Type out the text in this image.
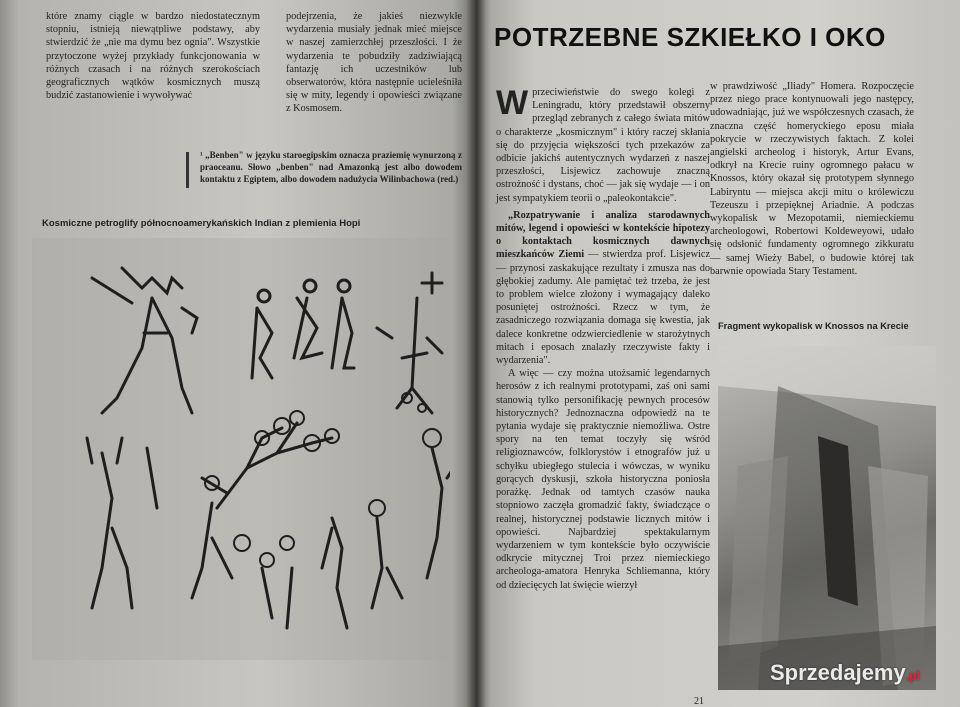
które znamy ciągle w bardzo niedostatecznym stopniu, istnieją niewątpliwe podstawy, aby stwierdzić że „nie ma dymu bez ognia". Wszystkie przytoczone wyżej przykłady funkcjonowania w różnych czasach i na różnych szerokościach geograficznych wątków kosmicznych muszą budzić zastanowienie i wywoływać

podejrzenia, że jakieś niezwykłe wydarzenia musiały jednak mieć miejsce w naszej zamierzchłej przeszłości. I że wydarzenia te pobudziły zadziwiającą fantazję ich uczestników lub obserwatorów, która następnie ucieleśniła się w mity, legendy i opowieści związane z Kosmosem.

¹ „Benben" w języku staroegipskim oznacza praziemię wynurzoną z praoceanu. Słowo „benben" nad Amazonką jest albo dowodem kontaktu z Egiptem, albo dowodem nadużycia Wilinbachowa (red.)
Kosmiczne petroglify północnoamerykańskich Indian z plemienia Hopi
POTRZEBNE SZKIEŁKO I OKO
W przeciwieństwie do swego kolegi z Leningradu, który przedstawił obszerny przegląd zebranych z całego świata mitów o charakterze „kosmicznym" i który raczej skłania się do przyjęcia większości tych przekazów za odbicie jakichś autentycznych wydarzeń z naszej przeszłości, Lisjewicz zachowuje znaczną ostrożność i dystans, choć — jak się wydaje — i on jest sympatykiem teorii o „paleokontakcie".

„Rozpatrywanie i analiza starodawnych mitów, legend i opowieści w kontekście hipotezy o kontaktach kosmicznych dawnych mieszkańców Ziemi — stwierdza prof. Lisjewicz — przynosi zaskakujące rezultaty i zmusza nas do głębokiej zadumy. Ale pamiętać też trzeba, że jest to problem wielce złożony i wymagający daleko posuniętej ostrożności. Rzecz w tym, że zasadniczego rozwiązania domaga się kwestia, jak dalece konkretne odzwierciedlenie w starożytnych mitach i eposach znalazły rzeczywiste fakty i wydarzenia".

A więc — czy można utożsamić legendarnych herosów z ich realnymi prototypami, zaś oni sami stanowią tylko personifikację pewnych procesów historycznych? Jednoznaczna odpowiedź na te pytania wydaje się praktycznie niemożliwa. Ostre spory na ten temat toczyły się wśród religioznawców, folklorystów i etnografów już u schyłku ubiegłego stulecia i wówczas, w wyniku gorących dyskusji, szkoła historyczna poniosła porażkę. Jednak od tamtych czasów nauka stopniowo zaczęła gromadzić fakty, świadczące o realnej, historycznej podstawie licznych mitów i opowieści. Najbardziej spektakularnym wydarzeniem w tym kontekście było oczywiście odkrycie mitycznej Troi przez niemieckiego archeologa-amatora Henryka Schliemanna, który od dziecięcych lat święcie wierzył

w prawdziwość „Iliady" Homera. Rozpoczęcie przez niego prace kontynuowali jego następcy, udowadniając, już we współczesnych czasach, że znaczna część homeryckiego eposu miała pokrycie w rzeczywistych faktach. Z kolei angielski archeolog i historyk, Artur Evans, odkrył na Krecie ruiny ogromnego pałacu w Knossos, który okazał się prototypem słynnego Labiryntu — miejsca akcji mitu o królewiczu Tezeuszu i przepięknej Ariadnie. A podczas wykopalisk w Mezopotamii, niemieckiemu archeologowi, Robertowi Koldeweyowi, udało się odsłonić fundamenty ogromnego zikkuratu — samej Wieży Babel, o budowie której tak barwnie opowiada Stary Testament.

Fragment wykopalisk w Knossos na Krecie
21
Sprzedajemy.pl
